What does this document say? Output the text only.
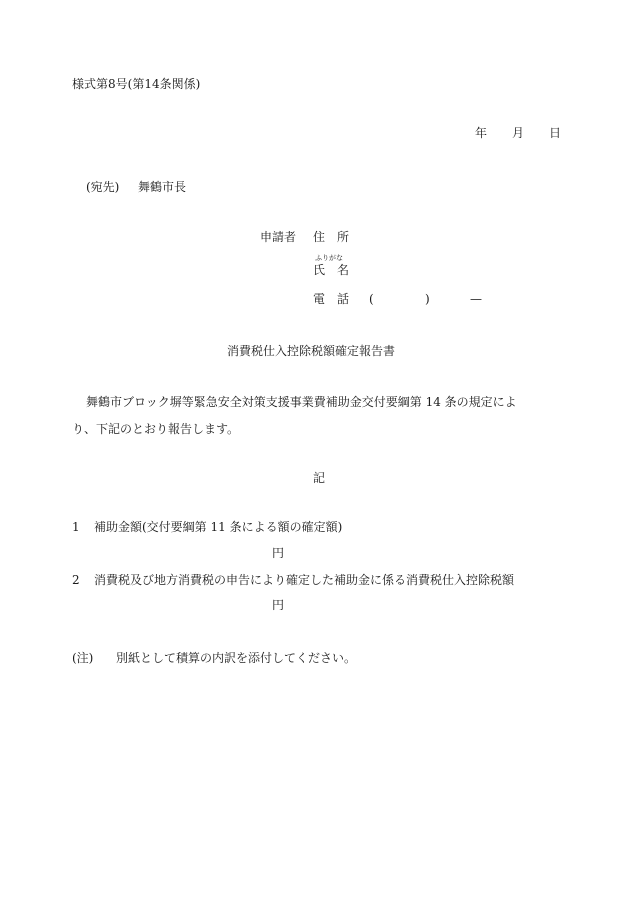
様式第8号(第14条関係)
年 月 日
(宛先) 舞鶴市長
申請者 住　所
ふりがな
氏　名
電　話 (	)	—
消費税仕入控除税額確定報告書
舞鶴市ブロック塀等緊急安全対策支援事業費補助金交付要綱第 14 条の規定によ
り、下記のとおり報告します。
記
1 補助金額(交付要綱第 11 条による額の確定額)
円
2 消費税及び地方消費税の申告により確定した補助金に係る消費税仕入控除税額
円
(注) 別紙として積算の内訳を添付してください。
